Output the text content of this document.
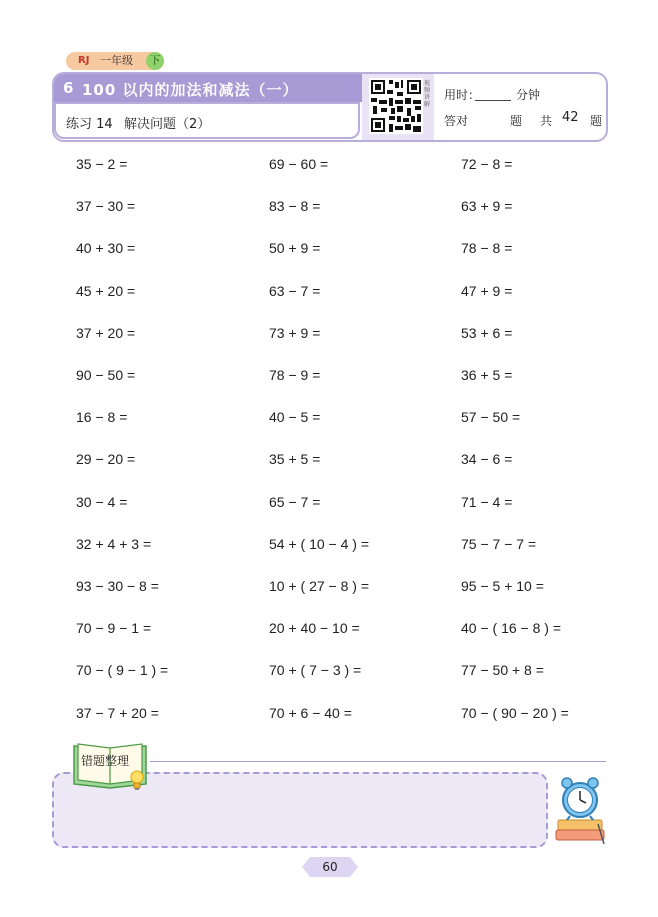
RJ 一年级	下
6 100 以内的加法和减法（一）
练习 14 解决问题（2）
视频讲解
用时：	分钟
答对	题 共 42 题
35 − 2 =	69 − 60 =	72 − 8 =
37 − 30 =	83 − 8 =	63 + 9 =
40 + 30 =	50 + 9 =	78 − 8 =
45 + 20 =	63 − 7 =	47 + 9 =
37 + 20 =	73 + 9 =	53 + 6 =
90 − 50 =	78 − 9 =	36 + 5 =
16 − 8 =	40 − 5 =	57 − 50 =
29 − 20 =	35 + 5 =	34 − 6 =
30 − 4 =	65 − 7 =	71 − 4 =
32 + 4 + 3 =	54 + ( 10 − 4 ) =	75 − 7 − 7 =
93 − 30 − 8 =	10 + ( 27 − 8 ) =	95 − 5 + 10 =
70 − 9 − 1 =	20 + 40 − 10 =	40 − ( 16 − 8 ) =
70 − ( 9 − 1 ) =	70 + ( 7 − 3 ) =	77 − 50 + 8 =
37 − 7 + 20 =	70 + 6 − 40 =	70 − ( 90 − 20 ) =
错题整理
60
